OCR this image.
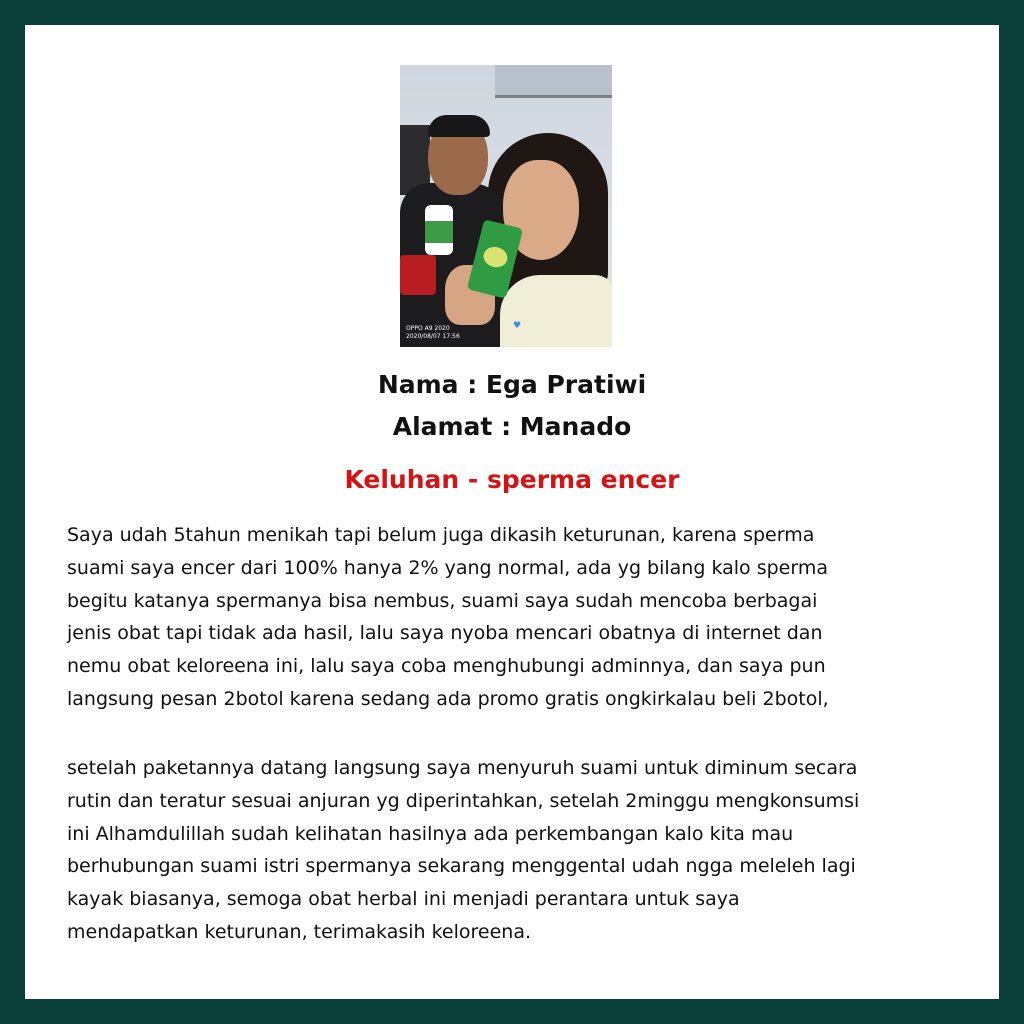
OPPO A9 2020
2020/08/07 17:56
♥
Nama : Ega Pratiwi
Alamat : Manado
Keluhan - sperma encer
Saya udah 5tahun menikah tapi belum juga dikasih keturunan, karena sperma
suami saya encer dari 100% hanya 2% yang normal, ada yg bilang kalo sperma
begitu katanya spermanya bisa nembus, suami saya sudah mencoba berbagai
jenis obat tapi tidak ada hasil, lalu saya nyoba mencari obatnya di internet dan
nemu obat keloreena ini, lalu saya coba menghubungi adminnya, dan saya pun
langsung pesan 2botol karena sedang ada promo gratis ongkirkalau beli 2botol,
setelah paketannya datang langsung saya menyuruh suami untuk diminum secara
rutin dan teratur sesuai anjuran yg diperintahkan, setelah 2minggu mengkonsumsi
ini Alhamdulillah sudah kelihatan hasilnya ada perkembangan kalo kita mau
berhubungan suami istri spermanya sekarang menggental udah ngga meleleh lagi
kayak biasanya, semoga obat herbal ini menjadi perantara untuk saya
mendapatkan keturunan, terimakasih keloreena.
